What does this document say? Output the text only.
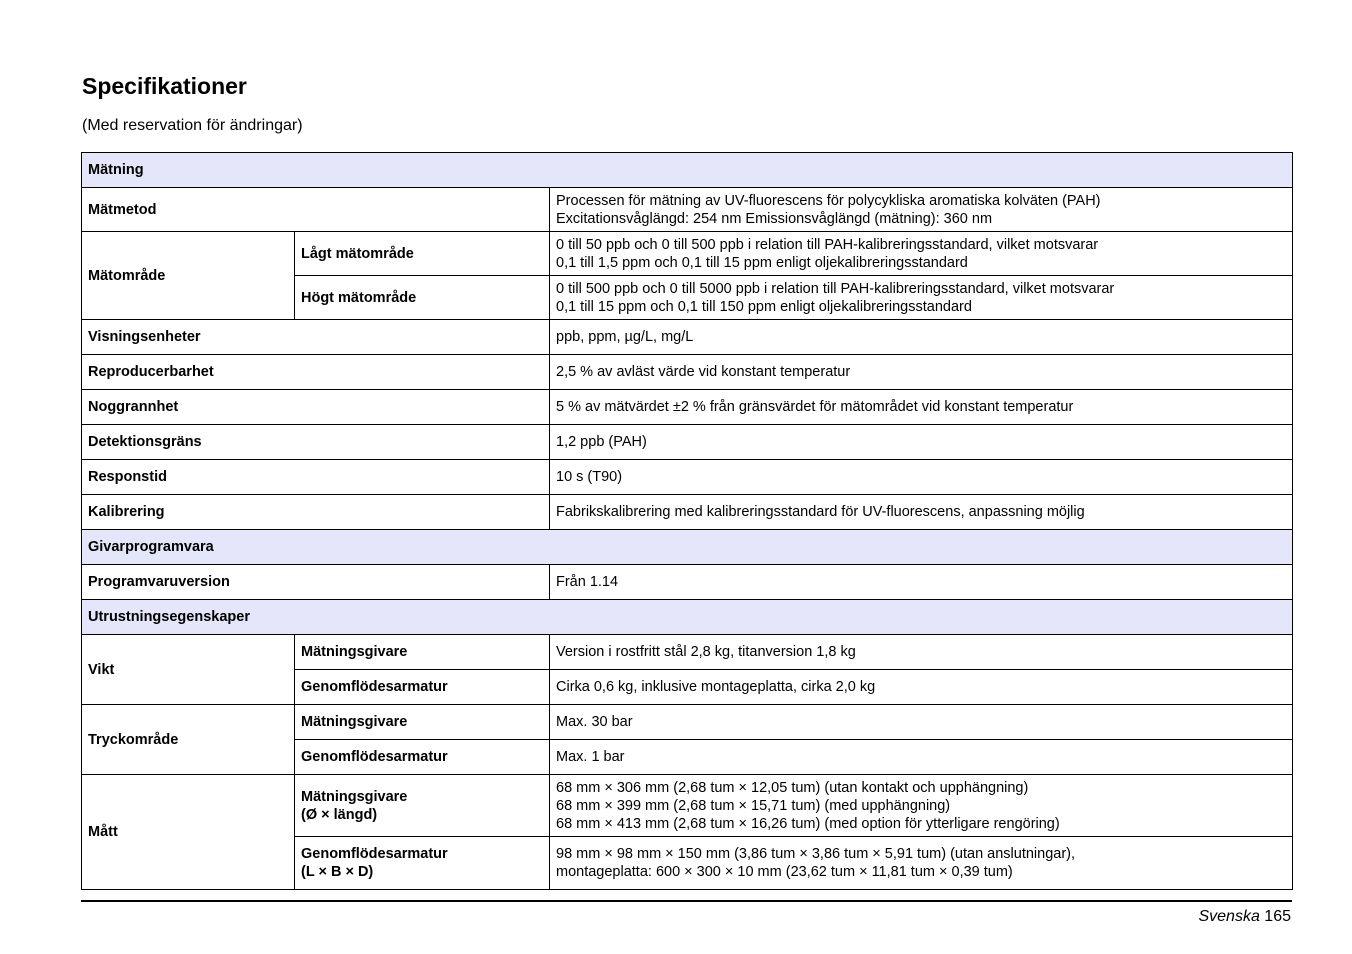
Specifikationer
(Med reservation för ändringar)
Mätning		
Mätmetod		Processen för mätning av UV-fluorescens för polycykliska aromatiska kolväten (PAH)
Excitationsvåglängd: 254 nm Emissionsvåglängd (mätning): 360 nm

Mätområde	Lågt mätområde	0 till 50 ppb och 0 till 500 ppb i relation till PAH-kalibreringsstandard, vilket motsvarar
0,1 till 1,5 ppm och 0,1 till 15 ppm enligt oljekalibreringsstandard

	Högt mätområde	0 till 500 ppb och 0 till 5000 ppb i relation till PAH-kalibreringsstandard, vilket motsvarar
0,1 till 15 ppm och 0,1 till 150 ppm enligt oljekalibreringsstandard

Visningsenheter		ppb, ppm, µg/L, mg/L
Reproducerbarhet		2,5 % av avläst värde vid konstant temperatur
Noggrannhet		5 % av mätvärdet ±2 % från gränsvärdet för mätområdet vid konstant temperatur
Detektionsgräns		1,2 ppb (PAH)
Responstid		10 s (T90)
Kalibrering		Fabrikskalibrering med kalibreringsstandard för UV-fluorescens, anpassning möjlig
Givarprogramvara		
Programvaruversion		Från 1.14
Utrustningsegenskaper		
Vikt	Mätningsgivare	Version i rostfritt stål 2,8 kg, titanversion 1,8 kg
	Genomflödesarmatur	Cirka 0,6 kg, inklusive montageplatta, cirka 2,0 kg
Tryckområde	Mätningsgivare	Max. 30 bar
	Genomflödesarmatur	Max. 1 bar
Mått	Mätningsgivare
(Ø × längd)	68 mm × 306 mm (2,68 tum × 12,05 tum) (utan kontakt och upphängning)
68 mm × 399 mm (2,68 tum × 15,71 tum) (med upphängning)
68 mm × 413 mm (2,68 tum × 16,26 tum) (med option för ytterligare rengöring)

	Genomflödesarmatur
(L × B × D)	98 mm × 98 mm × 150 mm (3,86 tum × 3,86 tum × 5,91 tum) (utan anslutningar),
montageplatta: 600 × 300 × 10 mm (23,62 tum × 11,81 tum × 0,39 tum)
Svenska 165
